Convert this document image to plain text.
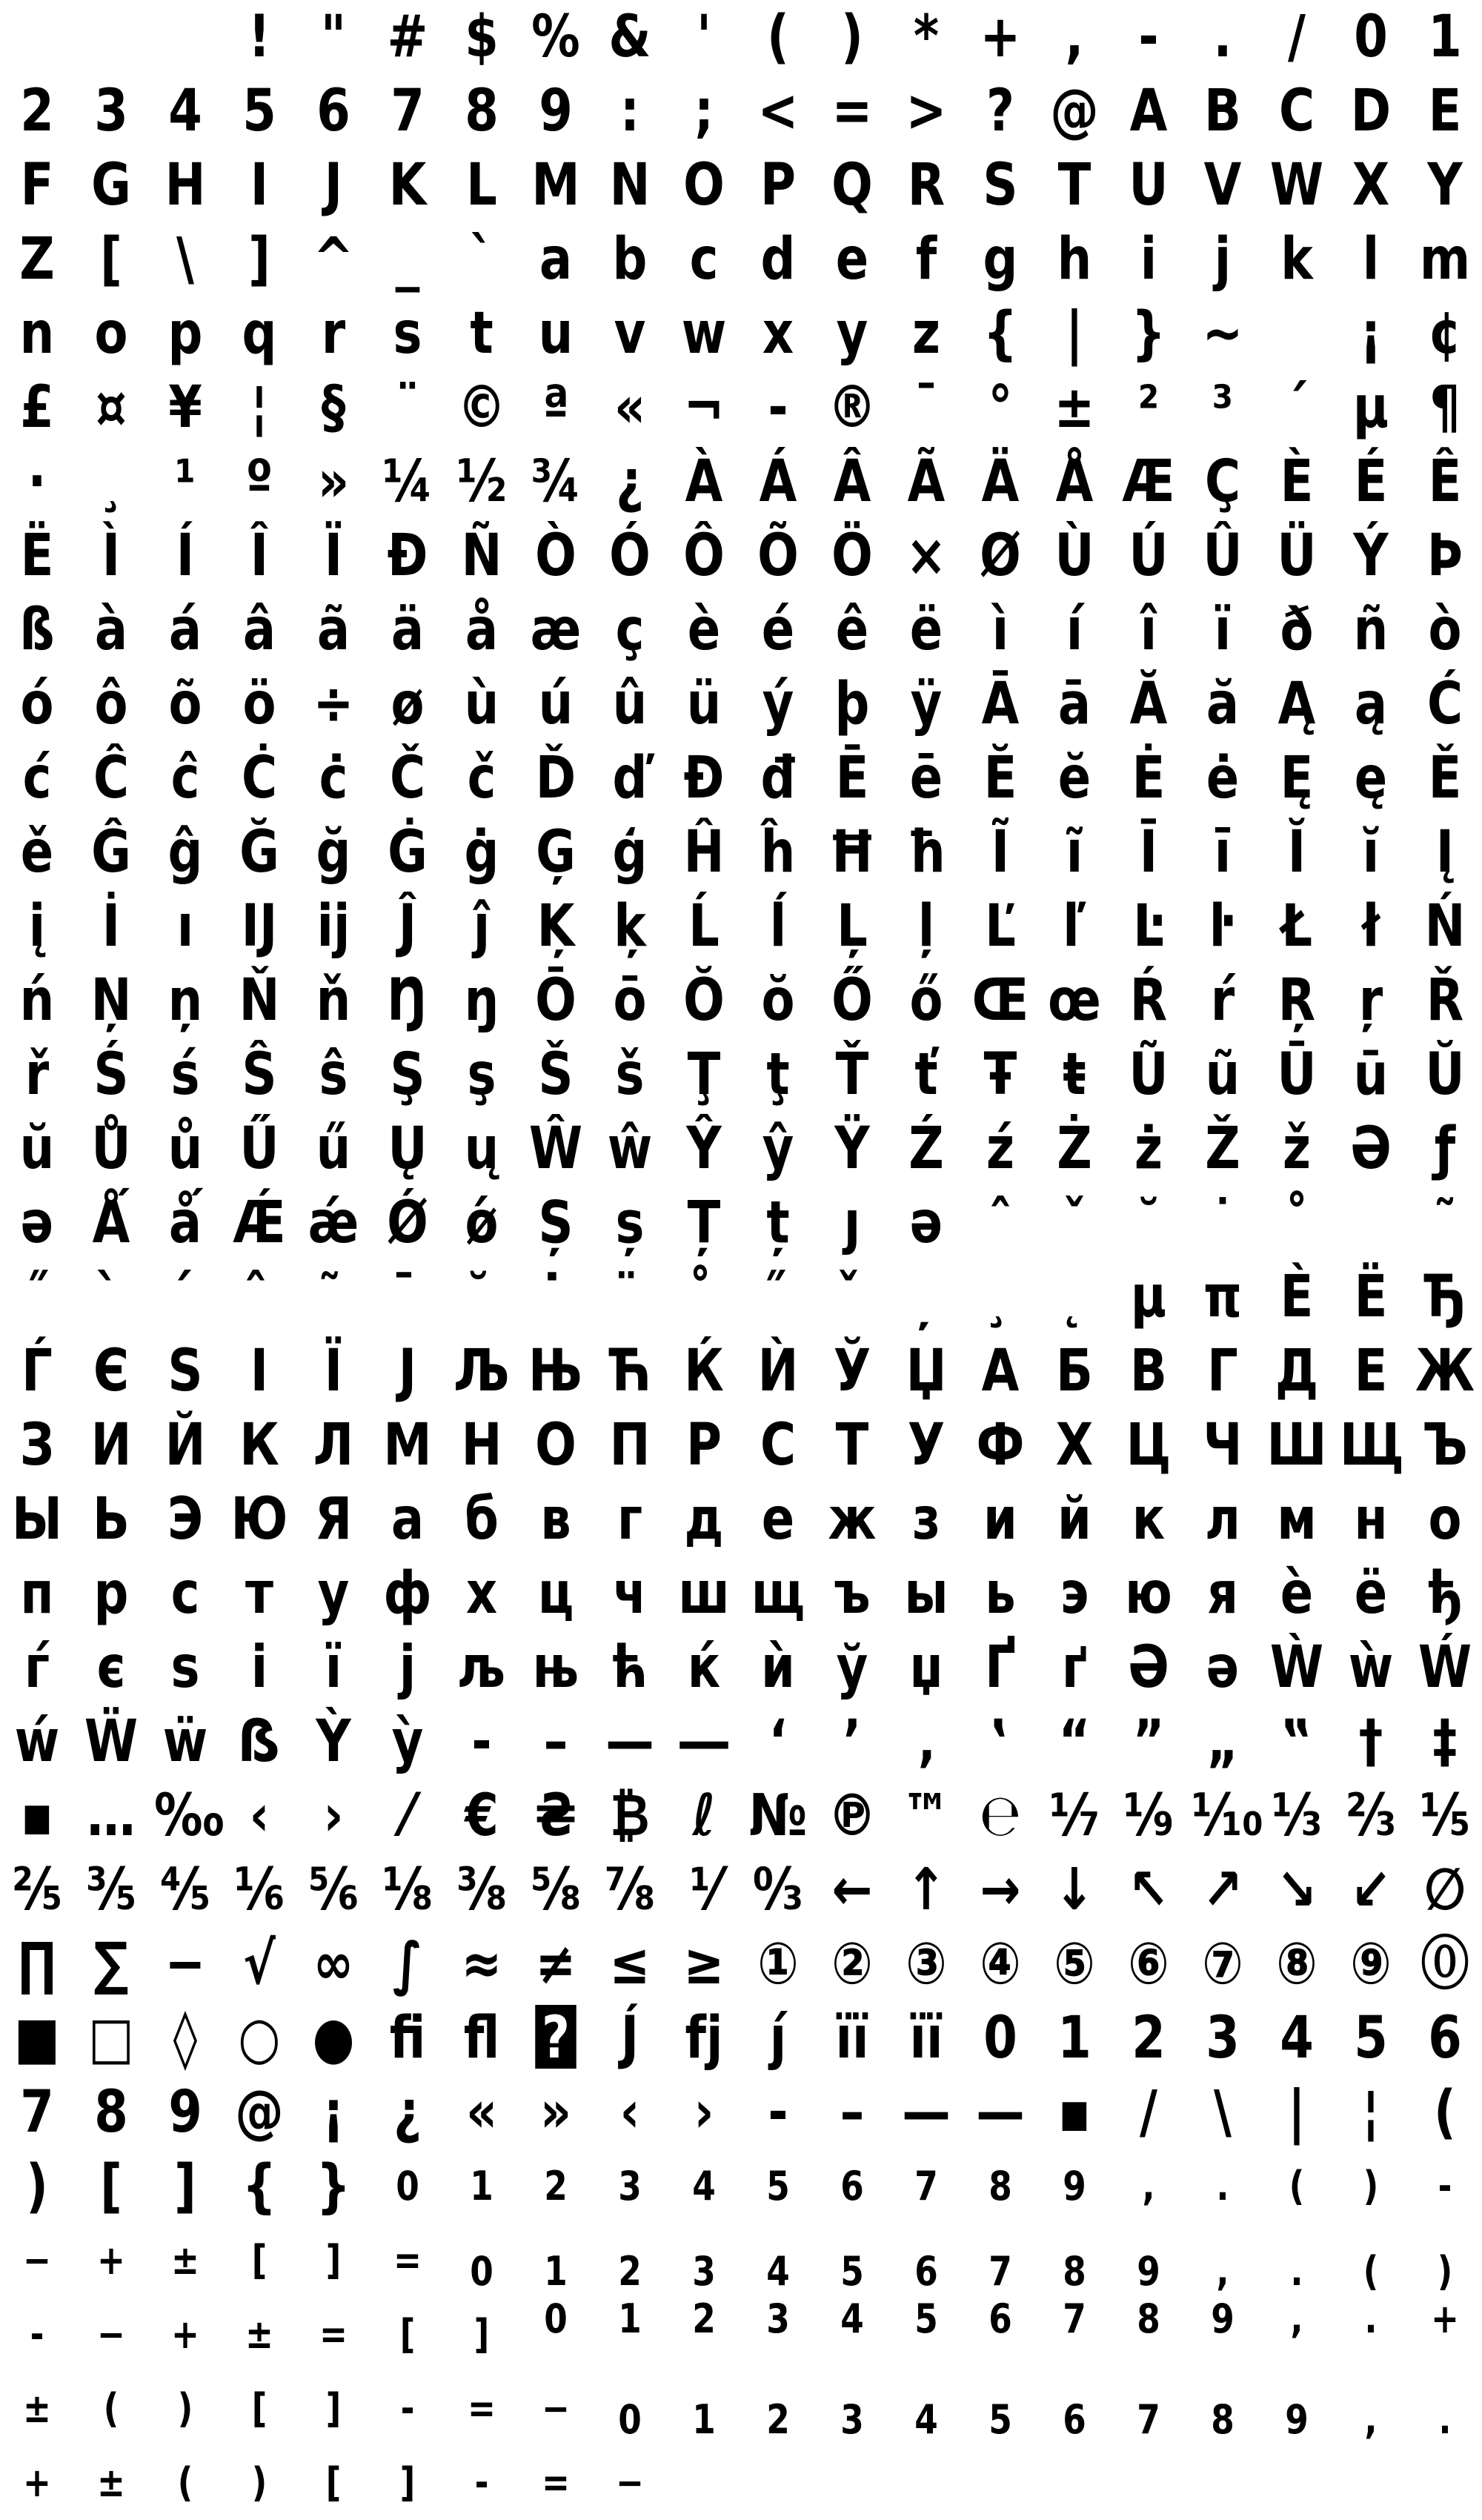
! " # $ % & ' ( ) * + , - . / 0 1
2 3 4 5 6 7 8 9 : ; < = > ? @ A B C D E
F G H I J K L M N O P Q R S T U V W X Y
Z [ \ ] ^ _ ` a b c d e f g h i j k l m
n o p q r s t u v w x y z { | } ~ ¡ ¢
£ ¤ ¥ ¦ § ¨ © ª « ¬ - ® ¯ ° ± ² ³ ´ µ ¶
· ¸ ¹ º » ¼ ½ ¾ ¿ À Á Â Ã Ä Å Æ Ç È É Ê
Ë Ì Í Î Ï Ð Ñ Ò Ó Ô Õ Ö × Ø Ù Ú Û Ü Ý Þ
ß à á â ã ä å æ ç è é ê ë ì í î ï ð ñ ò
ó ô õ ö ÷ ø ù ú û ü ý þ ÿ Ā ā Ă ă Ą ą Ć
ć Ĉ ĉ Ċ ċ Č č Ď ď Đ đ Ē ē Ĕ ĕ Ė ė Ę ę Ě
ě Ĝ ĝ Ğ ğ Ġ ġ Ģ ģ Ĥ ĥ Ħ ħ Ĩ ĩ Ī ī Ĭ ĭ Į
į İ ı Ĳ ĳ Ĵ ĵ Ķ ķ Ĺ ĺ Ļ ļ Ľ ľ Ŀ ŀ Ł ł Ń
ń Ņ ņ Ň ň Ŋ ŋ Ō ō Ŏ ŏ Ő ő Œ œ Ŕ ŕ Ŗ ŗ Ř
ř Ś ś Ŝ ŝ Ş ş Š š Ţ ţ Ť ť Ŧ ŧ Ũ ũ Ū ū Ŭ
ŭ Ů ů Ű ű Ų ų Ŵ ŵ Ŷ ŷ Ÿ Ź ź Ż ż Ž ž Ə ƒ
ǝ Ǻ ǻ Ǽ ǽ Ǿ ǿ Ș ș Ț ț ȷ ə ˆ ˇ ˘ ˙ ˚ ˜
˝ ̀ ́ ̂ ̃ ̄ ̆ ̇ ̈ ̊ ̋ ̌ ̦ ̧ ̨ µ π Ѐ Ё Ђ
Ѓ Є Ѕ І Ї Ј Љ Њ Ћ Ќ Ѝ Ў Џ А Б В Г Д Е Ж
З И Й К Л М Н О П Р С Т У Ф Х Ц Ч Ш Щ Ъ
Ы Ь Э Ю Я а б в г д е ж з и й к л м н о
п р с т у ф х ц ч ш щ ъ ы ь э ю я ѐ ё ђ
ѓ є ѕ і ї ј љ њ ћ ќ ѝ ў џ Ґ ґ Ә ә Ẁ ẁ Ẃ
ẃ Ẅ ẅ ẞ Ỳ ỳ ‐ – — ― ‘ ’ ‚ ‛ “ ” „ ‟ † ‡
▪ … ‰ ‹ › ⁄ € ₴ ₿ ℓ № ℗ ™ ℮ ⅐ ⅑ ⅒ ⅓ ⅔ ⅕
⅖ ⅗ ⅘ ⅙ ⅚ ⅛ ⅜ ⅝ ⅞ ¹⁄ ⁰⁄₃ ← ↑ → ↓ ↖ ↗ ↘ ↙ ∅
∏ ∑ − √ ∞ ∫ ≈ ≠ ≤ ≥ ① ② ③ ④ ⑤ ⑥ ⑦ ⑧ ⑨ ⓪
■ □ ◊ ○ ● ﬁ ﬂ ? J́ fj ȷ́ ïï ïï 0 1 2 3 4 5 6
7 8 9 @ ¡ ¿ « » ‹ › - – — — ▪ / \ | ¦ (
) [ ] { } 0 1 2 3 4 5 6 7 8 9 , . ( ) -
− + ± [ ] = 0 1 2 3 4 5 6 7 8 9 , . ( )
- − + ± = [ ] 0 1 2 3 4 5 6 7 8 9 , . +
± ( ) [ ] - = − 0 1 2 3 4 5 6 7 8 9 , .
+ ± ( ) [ ] - = −
